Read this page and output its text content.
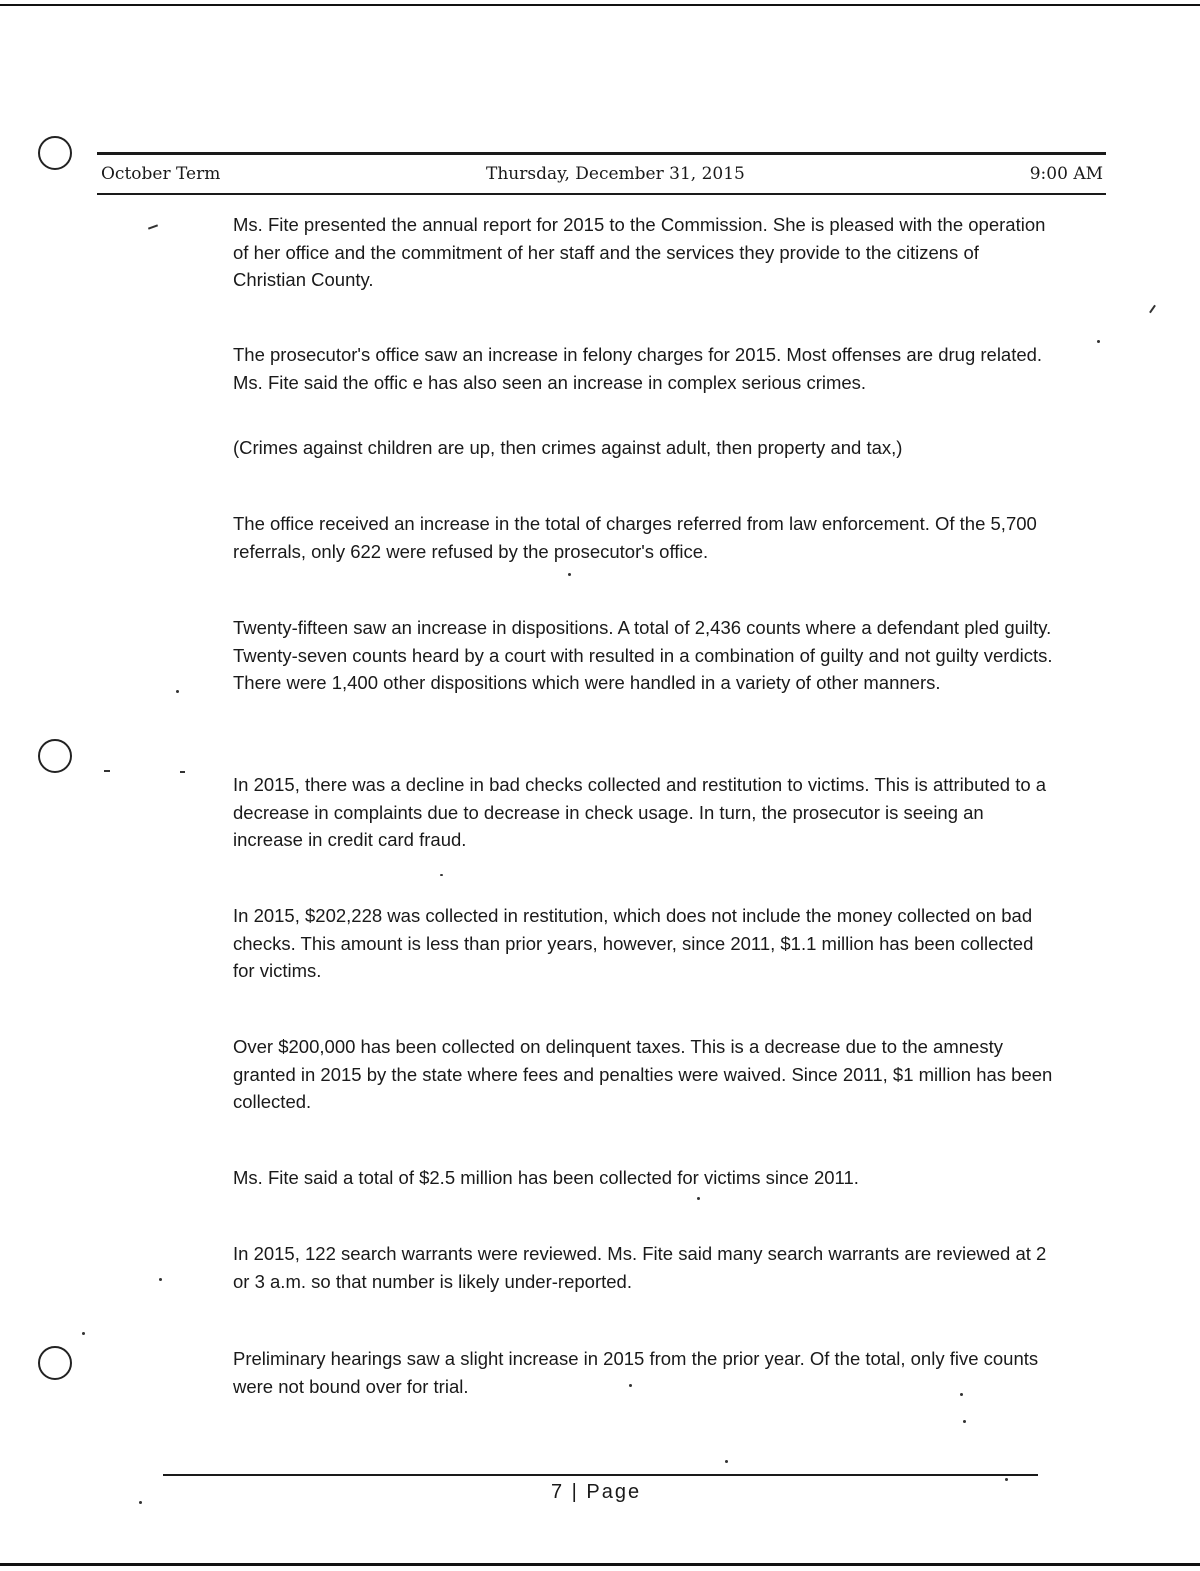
October Term	Thursday, December 31, 2015	9:00 AM

Ms. Fite presented the annual report for 2015 to the Commission. She is pleased with the operation of her office and the commitment of her staff and the services they provide to the citizens of Christian County.

The prosecutor's office saw an increase in felony charges for 2015. Most offenses are drug related. Ms. Fite said the offic e has also seen an increase in complex serious crimes.

(Crimes against children are up, then crimes against adult, then property and tax,)

The office received an increase in the total of charges referred from law enforcement. Of the 5,700 referrals, only 622 were refused by the prosecutor's office.

Twenty-fifteen saw an increase in dispositions. A total of 2,436 counts where a defendant pled guilty. Twenty-seven counts heard by a court with resulted in a combination of guilty and not guilty verdicts. There were 1,400 other dispositions which were handled in a variety of other manners.

In 2015, there was a decline in bad checks collected and restitution to victims. This is attributed to a decrease in complaints due to decrease in check usage. In turn, the prosecutor is seeing an increase in credit card fraud.

In 2015, $202,228 was collected in restitution, which does not include the money collected on bad checks. This amount is less than prior years, however, since 2011, $1.1 million has been collected for victims.

Over $200,000 has been collected on delinquent taxes. This is a decrease due to the amnesty granted in 2015 by the state where fees and penalties were waived. Since 2011, $1 million has been collected.

Ms. Fite said a total of $2.5 million has been collected for victims since 2011.

In 2015, 122 search warrants were reviewed. Ms. Fite said many search warrants are reviewed at 2 or 3 a.m. so that number is likely under-reported.

Preliminary hearings saw a slight increase in 2015 from the prior year. Of the total, only five counts were not bound over for trial.

7 | Page
